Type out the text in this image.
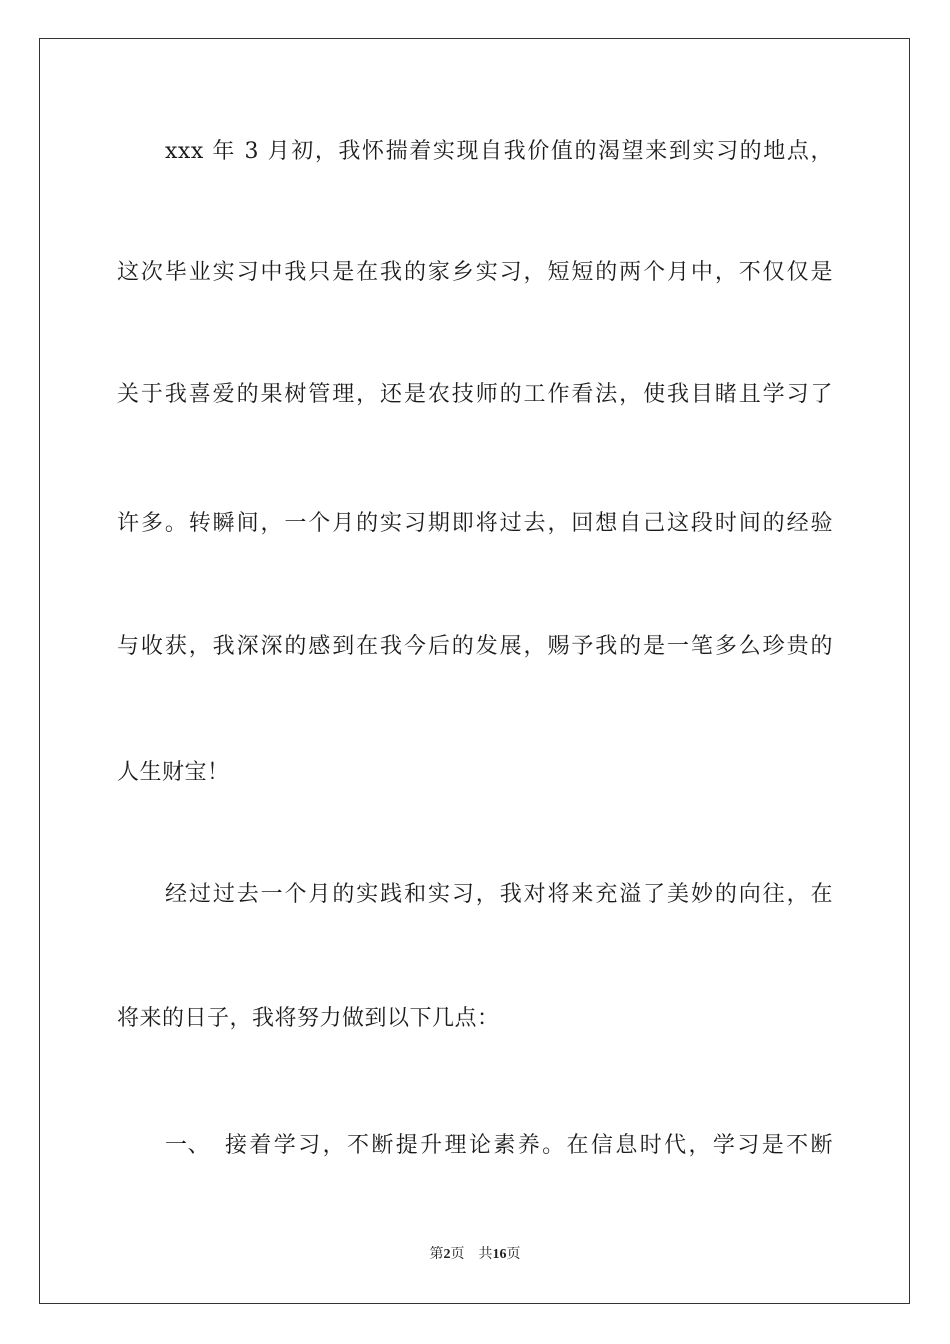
xxx 年 3 月初，我怀揣着实现自我价值的渴望来到实习的地点，
这次毕业实习中我只是在我的家乡实习，短短的两个月中，不仅仅是
关于我喜爱的果树管理，还是农技师的工作看法，使我目睹且学习了
许多。转瞬间，一个月的实习期即将过去，回想自己这段时间的经验
与收获，我深深的感到在我今后的发展，赐予我的是一笔多么珍贵的
人生财宝！
经过过去一个月的实践和实习，我对将来充溢了美妙的向往，在
将来的日子，我将努力做到以下几点：
一、 接着学习，不断提升理论素养。在信息时代，学习是不断
第2页 共16页
